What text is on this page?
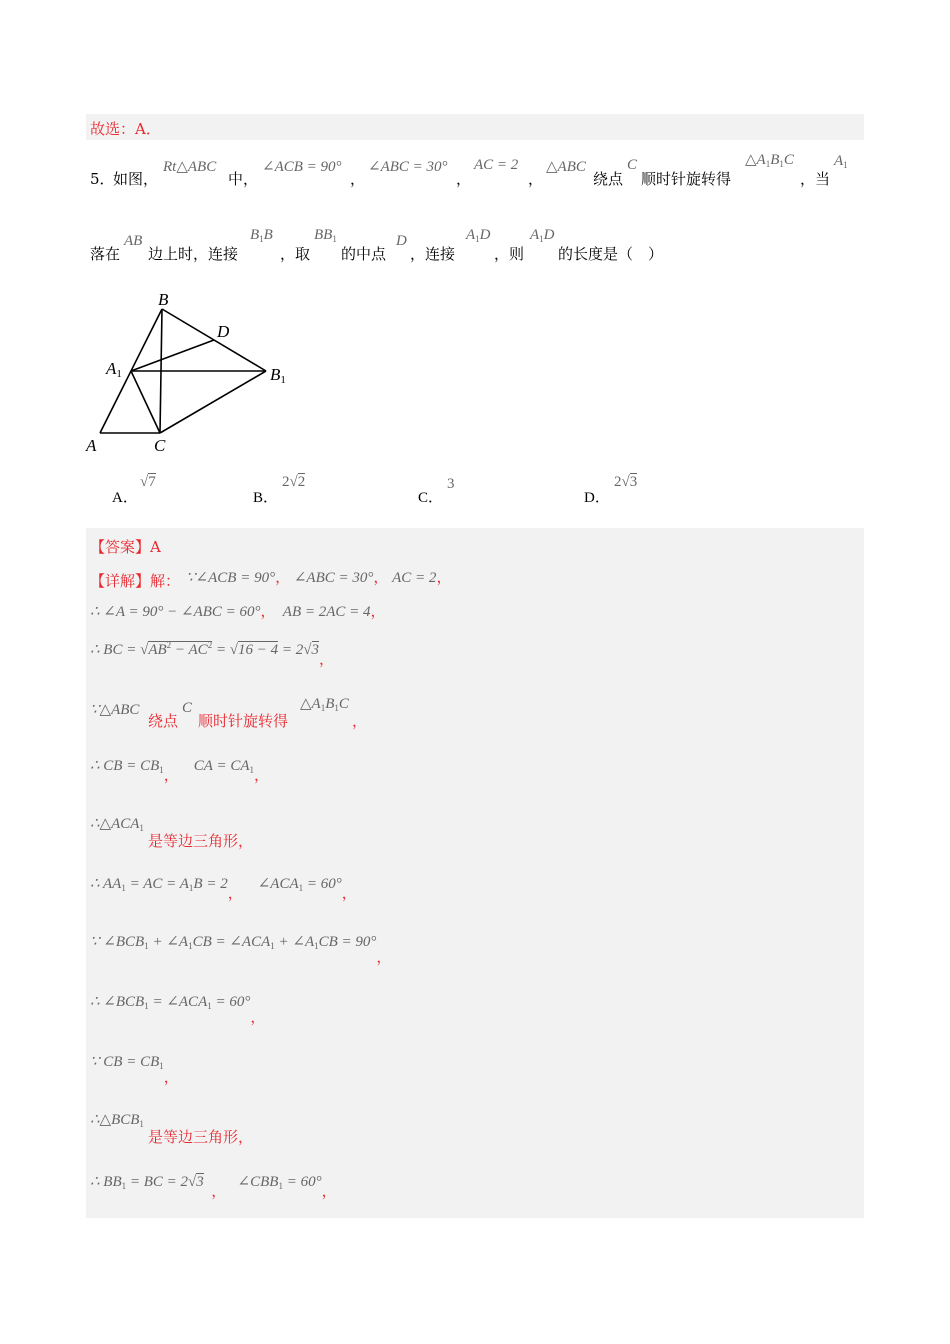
故选：A．
5．
如图，
Rt△ABC
中，
∠ACB = 90°
，
∠ABC = 30°
，
AC = 2
，
△ABC
绕点
C
顺时针旋转得
$\triangle A_1B_1C$
，当
$A_1$
落在
AB
边上时，连接
$B_1B$
，取
$BB_1$
的中点
D
，连接
$A_1D$
，则
$A_1D$
的长度是（　）
B
D
A1	B1
A	C
A．
√7
B．
2√2
C．
3
D．
2√3
【答案】A
【详解】解： ∵∠ACB = 90°， ∠ABC = 30°， AC = 2，
∴ ∠A = 90° − ∠ABC = 60°，  AB = 2AC = 4，
∴ BC = $√AB^2 - AC^2 = √16 - 4 = 2√3$，
∵△ABC
绕点
C
顺时针旋转得
$\triangle A_1B_1C$
，
∴ CB = $CB_1$，    CA = $CA_1$，
$\therefore\triangle ACA_1$
是等边三角形，
∴ $AA_1$ = AC = $A_1B = 2$，    $\angle ACA_1 = 60^\circ$，
∵ $\angle BCB_1$ + $\angle A_1CB$ = $\angle ACA_1$ + $\angle A_1CB = 90^\circ$，
∴ $\angle BCB_1$ = $\angle ACA_1 = 60^\circ$，
∵ CB = $CB_1$，
$\therefore\triangle BCB_1$
是等边三角形，
∴ $BB_1$ = BC = 2√3  ，   $\angle CBB_1 = 60^\circ$，
